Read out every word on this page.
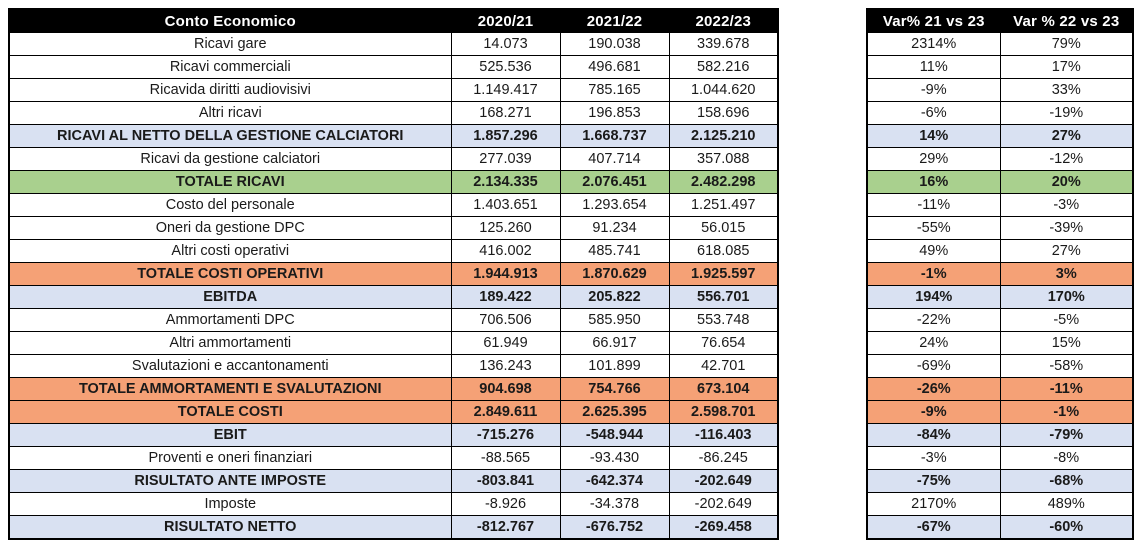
Conto Economico	2020/21	2021/22	2022/23
Ricavi gare	14.073	190.038	339.678
Ricavi commerciali	525.536	496.681	582.216
Ricavida diritti audiovisivi	1.149.417	785.165	1.044.620
Altri ricavi	168.271	196.853	158.696
RICAVI AL NETTO DELLA GESTIONE CALCIATORI	1.857.296	1.668.737	2.125.210
Ricavi da gestione calciatori	277.039	407.714	357.088
TOTALE RICAVI	2.134.335	2.076.451	2.482.298
Costo del personale	1.403.651	1.293.654	1.251.497
Oneri da gestione DPC	125.260	91.234	56.015
Altri costi operativi	416.002	485.741	618.085
TOTALE COSTI OPERATIVI	1.944.913	1.870.629	1.925.597
EBITDA	189.422	205.822	556.701
Ammortamenti DPC	706.506	585.950	553.748
Altri ammortamenti	61.949	66.917	76.654
Svalutazioni e accantonamenti	136.243	101.899	42.701
TOTALE AMMORTAMENTI E SVALUTAZIONI	904.698	754.766	673.104
TOTALE COSTI	2.849.611	2.625.395	2.598.701
EBIT	-715.276	-548.944	-116.403
Proventi e oneri finanziari	-88.565	-93.430	-86.245
RISULTATO ANTE IMPOSTE	-803.841	-642.374	-202.649
Imposte	-8.926	-34.378	-202.649
RISULTATO NETTO	-812.767	-676.752	-269.458
Var% 21 vs 23	Var % 22 vs 23
2314%	79%
11%	17%
-9%	33%
-6%	-19%
14%	27%
29%	-12%
16%	20%
-11%	-3%
-55%	-39%
49%	27%
-1%	3%
194%	170%
-22%	-5%
24%	15%
-69%	-58%
-26%	-11%
-9%	-1%
-84%	-79%
-3%	-8%
-75%	-68%
2170%	489%
-67%	-60%
